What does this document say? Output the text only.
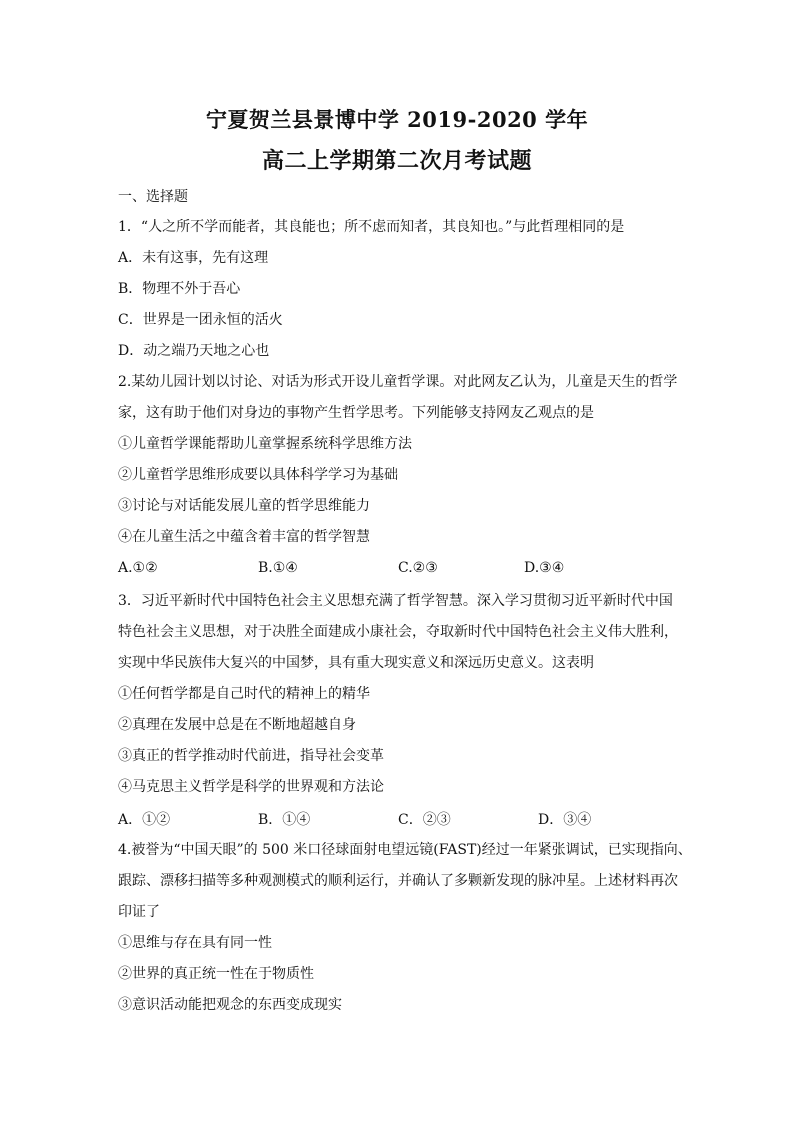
宁夏贺兰县景博中学 2019-2020 学年
高二上学期第二次月考试题
一、选择题
1．“人之所不学而能者，其良能也；所不虑而知者，其良知也。”与此哲理相同的是
A．未有这事，先有这理
B．物理不外于吾心
C．世界是一团永恒的活火
D．动之端乃天地之心也
2.某幼儿园计划以讨论、对话为形式开设儿童哲学课。对此网友乙认为，儿童是天生的哲学
家，这有助于他们对身边的事物产生哲学思考。下列能够支持网友乙观点的是
①儿童哲学课能帮助儿童掌握系统科学思维方法
②儿童哲学思维形成要以具体科学学习为基础
③讨论与对话能发展儿童的哲学思维能力
④在儿童生活之中蕴含着丰富的哲学智慧
A.①②	B.①④	C.②③	D.③④
3．习近平新时代中国特色社会主义思想充满了哲学智慧。深入学习贯彻习近平新时代中国
特色社会主义思想，对于决胜全面建成小康社会，夺取新时代中国特色社会主义伟大胜利，
实现中华民族伟大复兴的中国梦，具有重大现实意义和深远历史意义。这表明
①任何哲学都是自己时代的精神上的精华
②真理在发展中总是在不断地超越自身
③真正的哲学推动时代前进，指导社会变革
④马克思主义哲学是科学的世界观和方法论
A．①②	B．①④	C．②③	D．③④
4.被誉为“中国天眼”的 500 米口径球面射电望远镜(FAST)经过一年紧张调试，已实现指向、
跟踪、漂移扫描等多种观测模式的顺利运行，并确认了多颗新发现的脉冲星。上述材料再次
印证了
①思维与存在具有同一性
②世界的真正统一性在于物质性
③意识活动能把观念的东西变成现实
